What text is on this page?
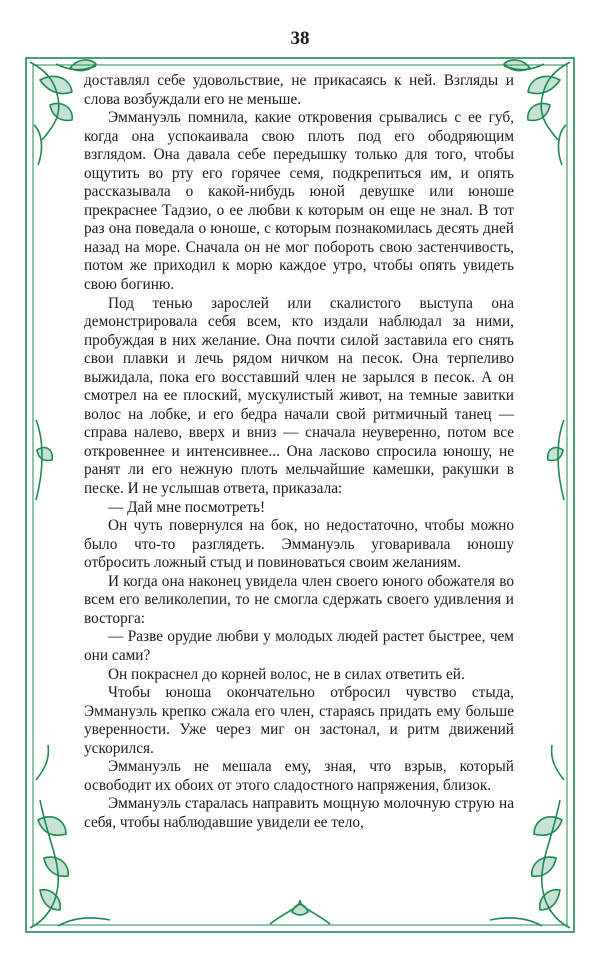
38

доставлял себе удовольствие, не прикасаясь к ней. Взгляды и слова возбуждали его не меньше.

Эммануэль помнила, какие откровения срывались с ее губ, когда она успокаивала свою плоть под его ободряющим взглядом. Она давала себе передышку только для того, чтобы ощутить во рту его горячее семя, подкрепиться им, и опять рассказывала о какой-нибудь юной девушке или юноше прекраснее Тадзио, о ее любви к которым он еще не знал. В тот раз она поведала о юноше, с которым познакомилась десять дней назад на море. Сначала он не мог побороть свою застенчивость, потом же приходил к морю каждое утро, чтобы опять увидеть свою богиню.

Под тенью зарослей или скалистого выступа она демонстрировала себя всем, кто издали наблюдал за ними, пробуждая в них желание. Она почти силой заставила его снять свои плавки и лечь рядом ничком на песок. Она терпеливо выжидала, пока его восставший член не зарылся в песок. А он смотрел на ее плоский, мускулистый живот, на темные завитки волос на лобке, и его бедра начали свой ритмичный танец — справа налево, вверх и вниз — сначала неуверенно, потом все откровеннее и интенсивнее... Она ласково спросила юношу, не ранят ли его нежную плоть мельчайшие камешки, ракушки в песке. И не услышав ответа, приказала:

— Дай мне посмотреть!

Он чуть повернулся на бок, но недостаточно, чтобы можно было что-то разглядеть. Эммануэль уговаривала юношу отбросить ложный стыд и повиноваться своим желаниям.

И когда она наконец увидела член своего юного обожателя во всем его великолепии, то не смогла сдержать своего удивления и восторга:

— Разве орудие любви у молодых людей растет быстрее, чем они сами?

Он покраснел до корней волос, не в силах ответить ей.

Чтобы юноша окончательно отбросил чувство стыда, Эммануэль крепко сжала его член, стараясь придать ему больше уверенности. Уже через миг он застонал, и ритм движений ускорился.

Эммануэль не мешала ему, зная, что взрыв, который освободит их обоих от этого сладостного напряжения, близок.

Эммануэль старалась направить мощную молочную струю на себя, чтобы наблюдавшие увидели ее тело,
